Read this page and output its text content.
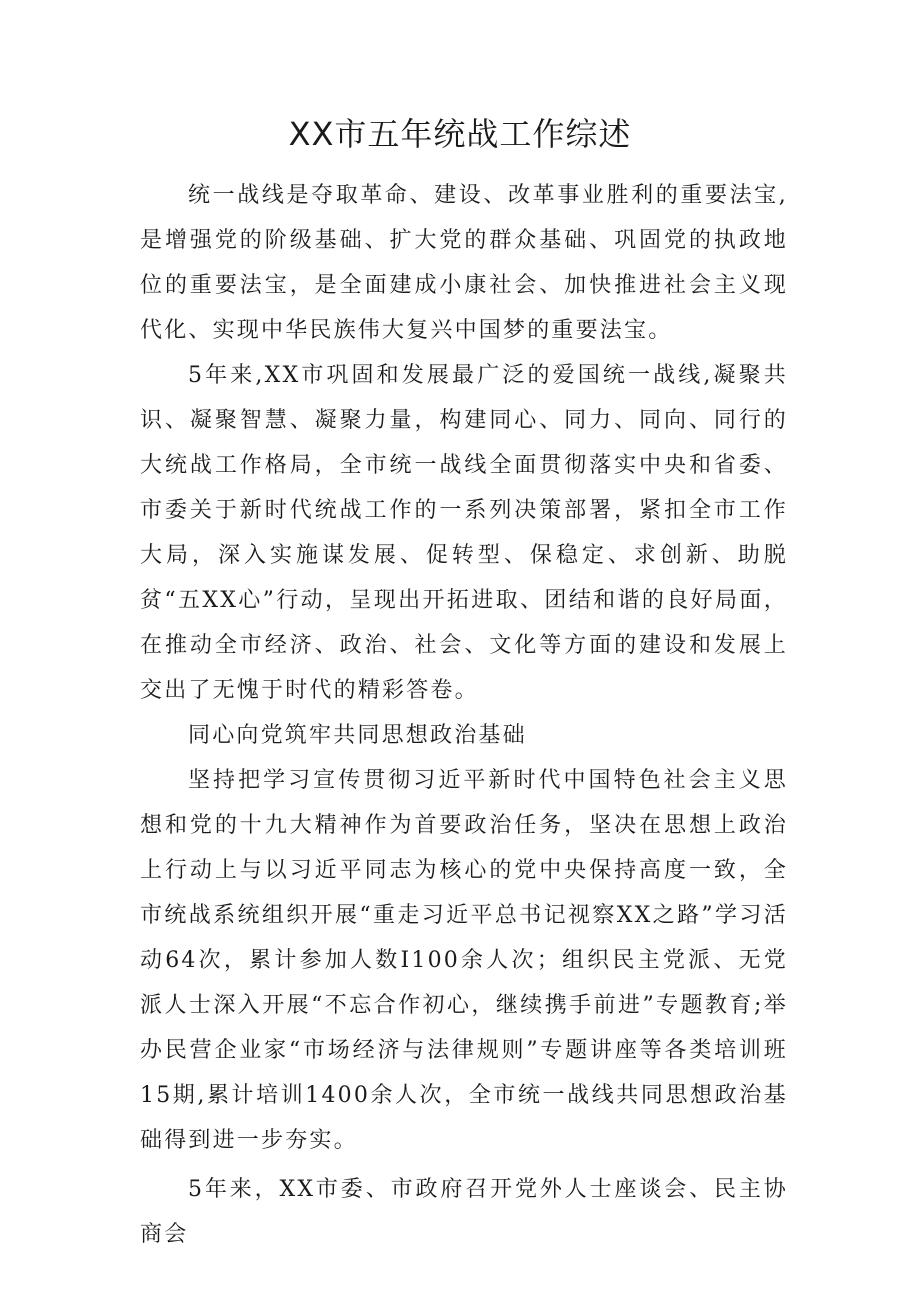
XX市五年统战工作综述

统一战线是夺取革命、建设、改革事业胜利的重要法宝,是增强党的阶级基础、扩大党的群众基础、巩固党的执政地位的重要法宝，是全面建成小康社会、加快推进社会主义现代化、实现中华民族伟大复兴中国梦的重要法宝。

5年来,XX市巩固和发展最广泛的爱国统一战线,凝聚共识、凝聚智慧、凝聚力量，构建同心、同力、同向、同行的大统战工作格局，全市统一战线全面贯彻落实中央和省委、市委关于新时代统战工作的一系列决策部署，紧扣全市工作大局，深入实施谋发展、促转型、保稳定、求创新、助脱贫“五XX心”行动，呈现出开拓进取、团结和谐的良好局面，在推动全市经济、政治、社会、文化等方面的建设和发展上交出了无愧于时代的精彩答卷。

同心向党筑牢共同思想政治基础

坚持把学习宣传贯彻习近平新时代中国特色社会主义思想和党的十九大精神作为首要政治任务，坚决在思想上政治上行动上与以习近平同志为核心的党中央保持高度一致，全市统战系统组织开展“重走习近平总书记视察XX之路”学习活动64次，累计参加人数I100余人次；组织民主党派、无党派人士深入开展“不忘合作初心，继续携手前进”专题教育;举办民营企业家“市场经济与法律规则”专题讲座等各类培训班15期,累计培训1400余人次，全市统一战线共同思想政治基础得到进一步夯实。

5年来，XX市委、市政府召开党外人士座谈会、民主协商会
